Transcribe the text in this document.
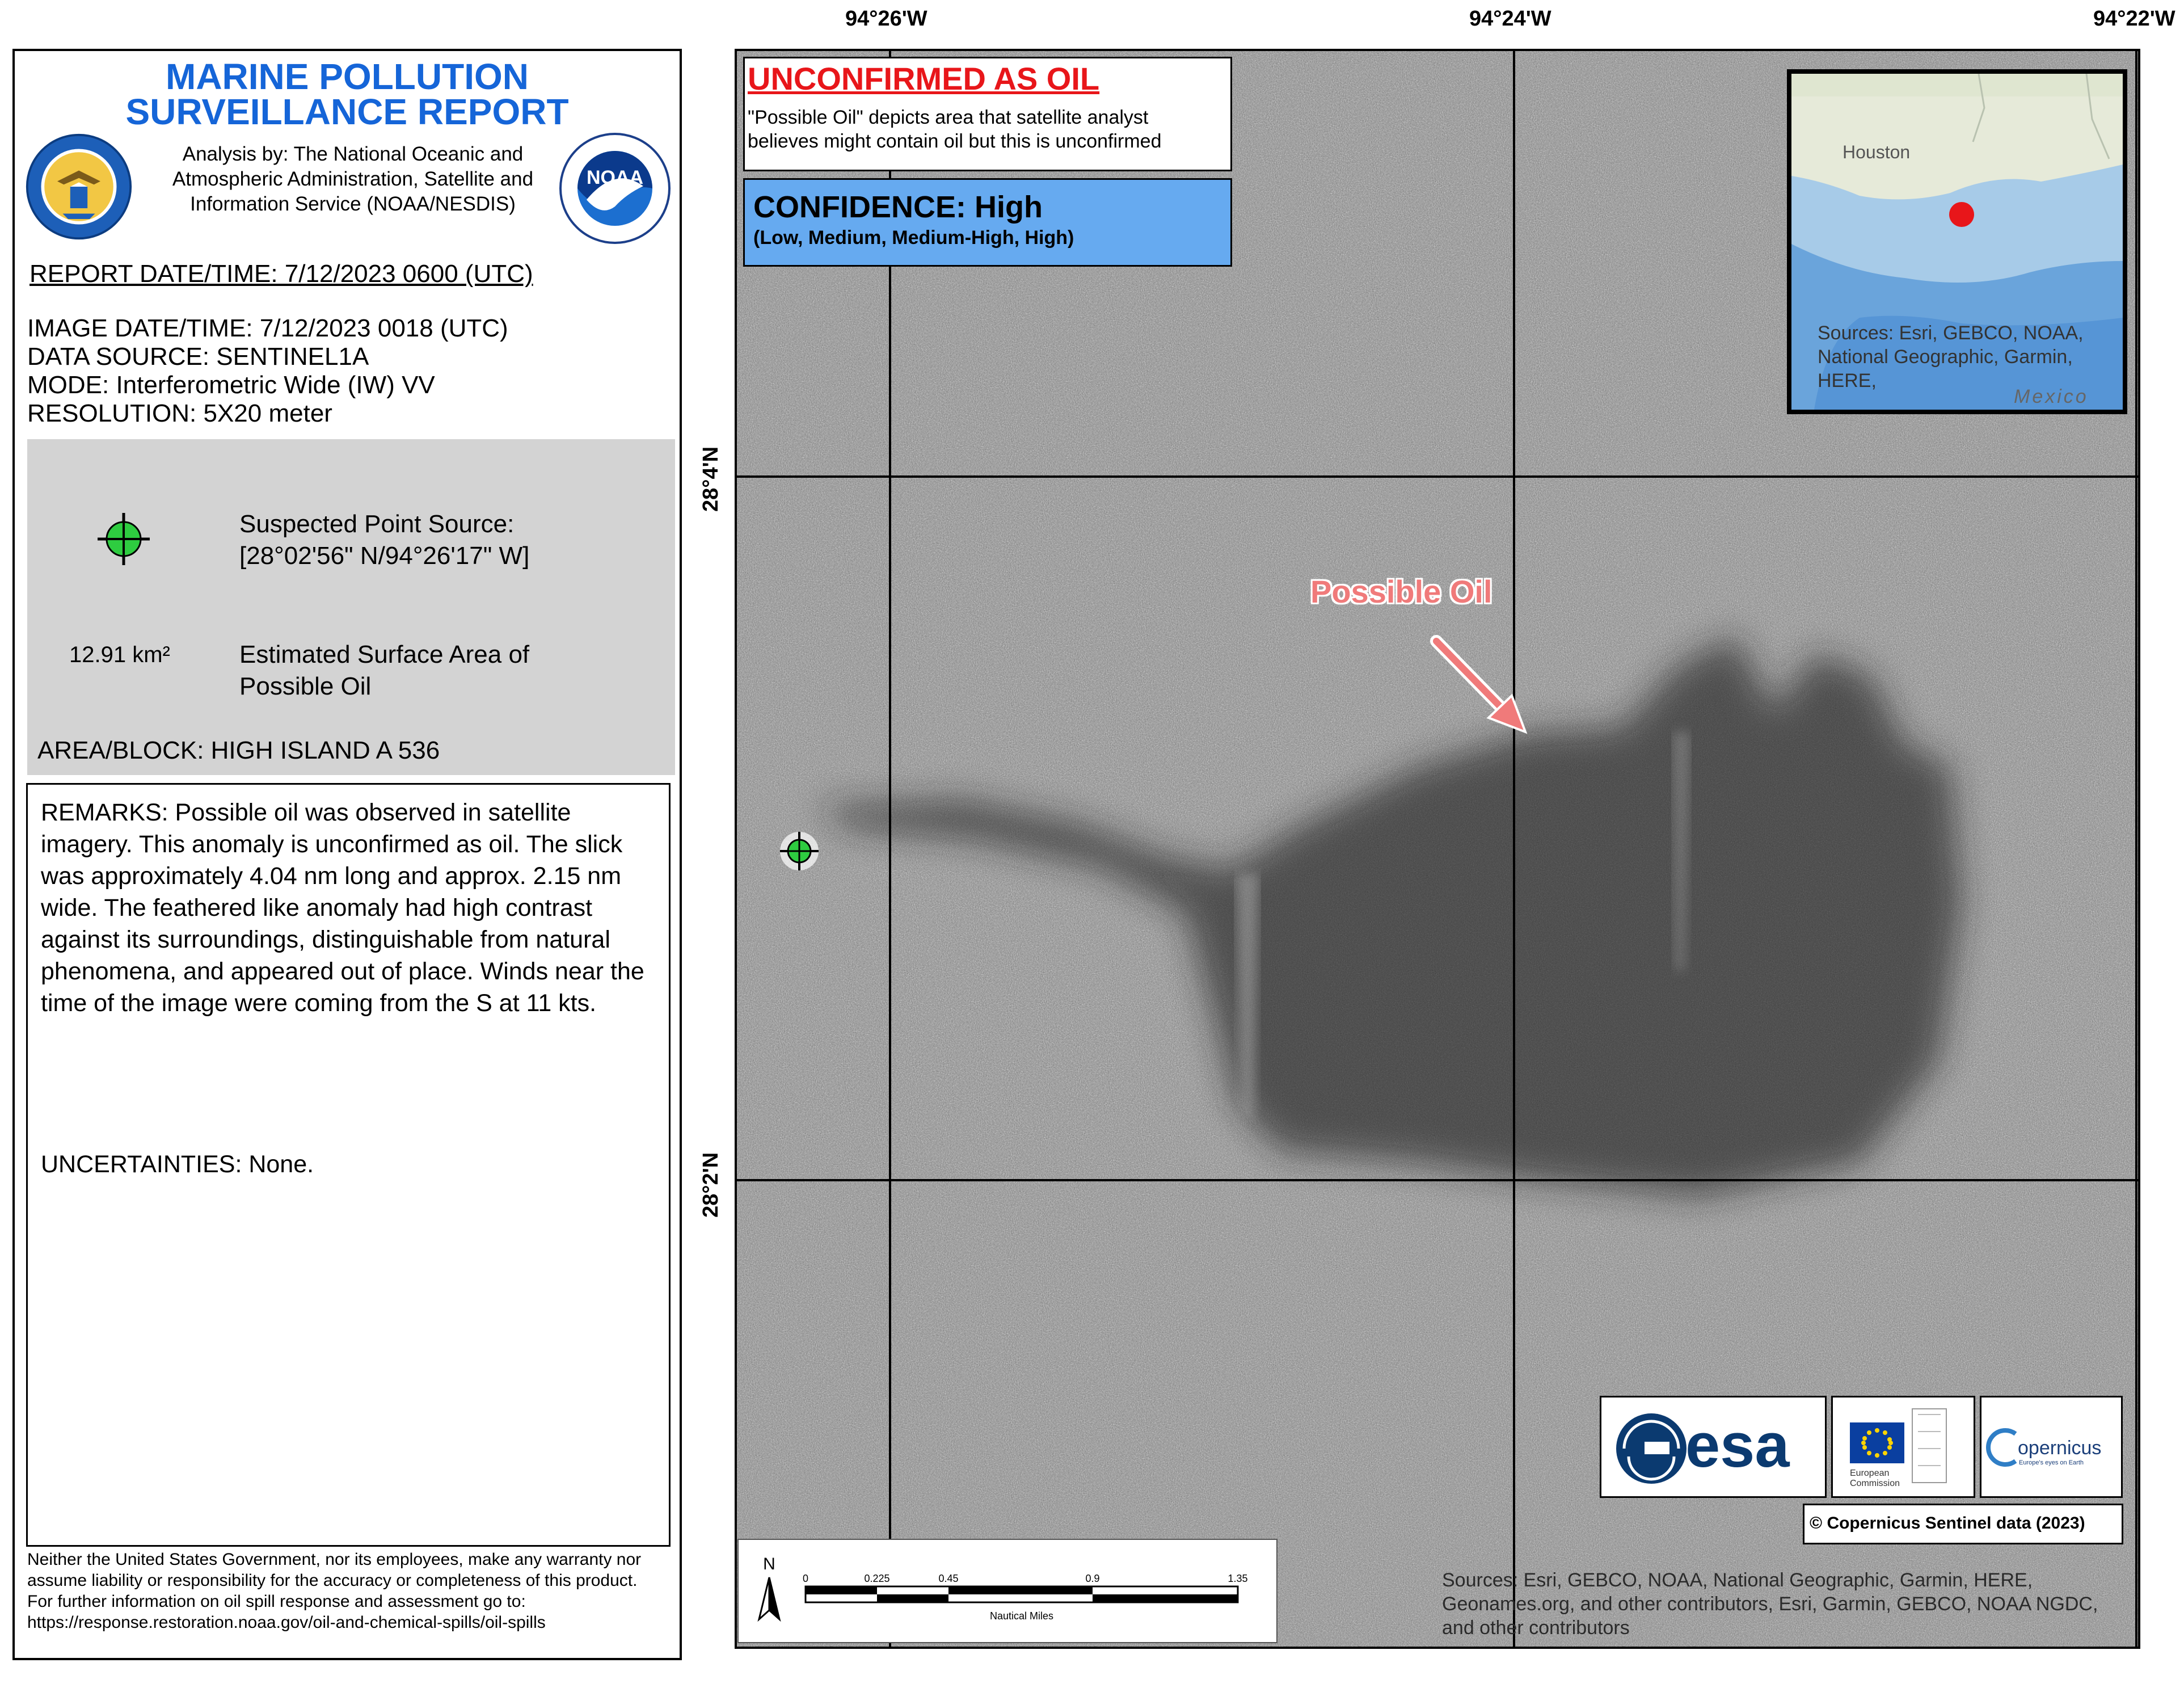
MARINE POLLUTION
SURVEILLANCE REPORT
NOAA
Analysis by: The National Oceanic and
Atmospheric Administration, Satellite and
Information Service (NOAA/NESDIS)
REPORT DATE/TIME: 7/12/2023 0600 (UTC)
IMAGE DATE/TIME: 7/12/2023 0018 (UTC)
DATA SOURCE: SENTINEL1A
MODE: Interferometric Wide (IW) VV
RESOLUTION: 5X20 meter
Suspected Point Source:
[28°02'56" N/94°26'17" W]
12.91 km²	Estimated Surface Area of
Possible Oil
AREA/BLOCK: HIGH ISLAND A 536
REMARKS: Possible oil was observed in satellite imagery. This anomaly is unconfirmed as oil. The slick was approximately 4.04 nm long and approx. 2.15 nm wide. The feathered like anomaly had high contrast against its surroundings, distinguishable from natural phenomena, and appeared out of place. Winds near the time of the image were coming from the S at 11 kts.
UNCERTAINTIES: None.
Neither the United States Government, nor its employees, make any warranty nor assume liability or responsibility for the accuracy or completeness of this product.
For further information on oil spill response and assessment go to:
https://response.restoration.noaa.gov/oil-and-chemical-spills/oil-spills
94°26'W	94°24'W	94°22'W
28°4'N
28°2'N
UNCONFIRMED AS OIL
"Possible Oil" depicts area that satellite analyst
believes might contain oil but this is unconfirmed
CONFIDENCE: High
(Low, Medium, Medium-High, High)
Houston
Sources: Esri, GEBCO, NOAA, National Geographic, Garmin, HERE,
Mexico
Possible Oil
esa	European
Commission
opernicus
Europe's eyes on Earth
© Copernicus Sentinel data (2023)
Sources: Esri, GEBCO, NOAA, National Geographic, Garmin, HERE, Geonames.org, and other contributors, Esri, Garmin, GEBCO, NOAA NGDC, and other contributors
N
0	0.225	0.45	0.9	1.35
Nautical Miles
